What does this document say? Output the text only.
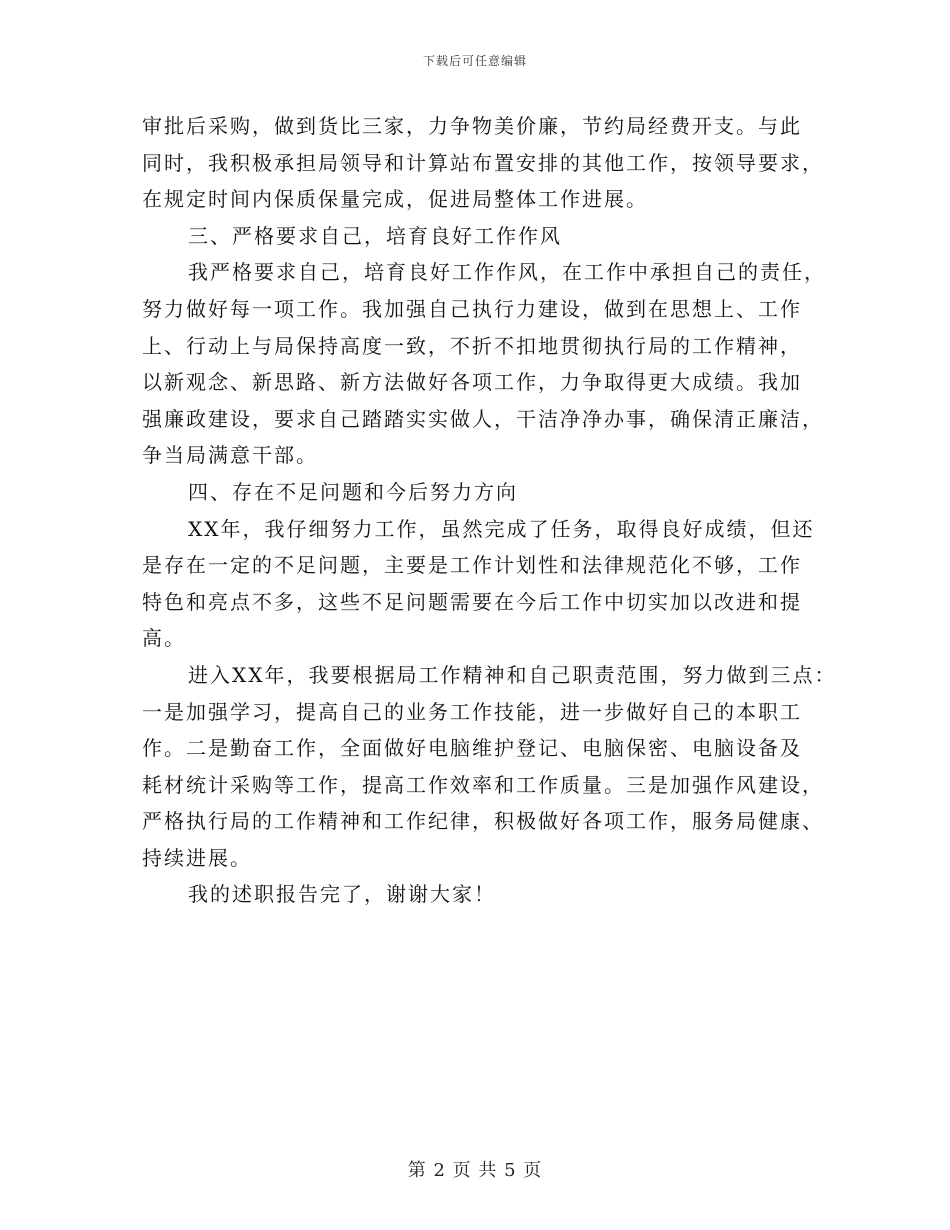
下载后可任意编辑

审批后采购，做到货比三家，力争物美价廉，节约局经费开支。与此

同时，我积极承担局领导和计算站布置安排的其他工作，按领导要求，

在规定时间内保质保量完成，促进局整体工作进展。

三、严格要求自己，培育良好工作作风

我严格要求自己，培育良好工作作风，在工作中承担自己的责任，

努力做好每一项工作。我加强自己执行力建设，做到在思想上、工作

上、行动上与局保持高度一致，不折不扣地贯彻执行局的工作精神，

以新观念、新思路、新方法做好各项工作，力争取得更大成绩。我加

强廉政建设，要求自己踏踏实实做人，干洁净净办事，确保清正廉洁，

争当局满意干部。

四、存在不足问题和今后努力方向

XX年，我仔细努力工作，虽然完成了任务，取得良好成绩，但还

是存在一定的不足问题，主要是工作计划性和法律规范化不够，工作

特色和亮点不多，这些不足问题需要在今后工作中切实加以改进和提

高。

进入XX年，我要根据局工作精神和自己职责范围，努力做到三点：

一是加强学习，提高自己的业务工作技能，进一步做好自己的本职工

作。二是勤奋工作，全面做好电脑维护登记、电脑保密、电脑设备及

耗材统计采购等工作，提高工作效率和工作质量。三是加强作风建设，

严格执行局的工作精神和工作纪律，积极做好各项工作，服务局健康、

持续进展。

我的述职报告完了，谢谢大家！

第 2 页 共 5 页
